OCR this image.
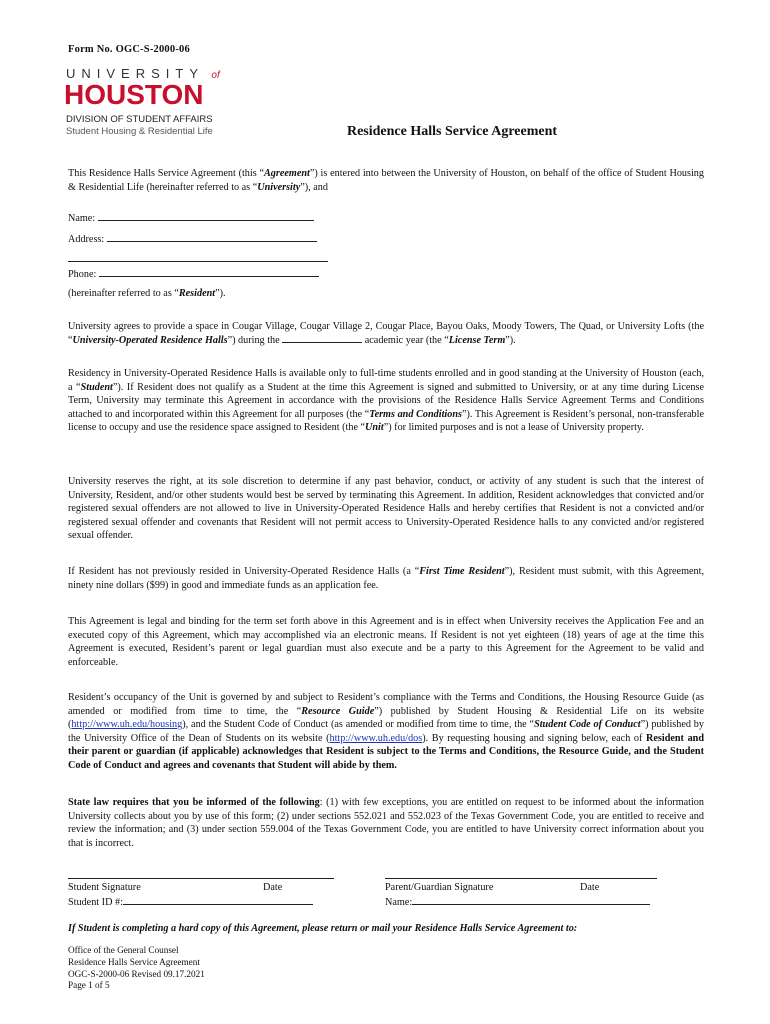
Form No. OGC-S-2000-06
UNIVERSITY of
HOUSTON
DIVISION OF STUDENT AFFAIRS
Student Housing & Residential Life	Residence Halls Service Agreement
This Residence Halls Service Agreement (this “Agreement”) is entered into between the University of Houston, on behalf of the office of Student Housing & Residential Life (hereinafter referred to as “University”), and
Name:
Address:
Phone:
(hereinafter referred to as “Resident”).
University agrees to provide a space in Cougar Village, Cougar Village 2, Cougar Place, Bayou Oaks, Moody Towers, The Quad, or University Lofts (the “University-Operated Residence Halls”) during the	academic year (the “License Term”).
Residency in University-Operated Residence Halls is available only to full-time students enrolled and in good standing at the University of Houston (each, a “Student”). If Resident does not qualify as a Student at the time this Agreement is signed and submitted to University, or at any time during License Term, University may terminate this Agreement in accordance with the provisions of the Residence Halls Service Agreement Terms and Conditions attached to and incorporated within this Agreement for all purposes (the “Terms and Conditions”). This Agreement is Resident’s personal, non-transferable license to occupy and use the residence space assigned to Resident (the “Unit”) for limited purposes and is not a lease of University property.
University reserves the right, at its sole discretion to determine if any past behavior, conduct, or activity of any student is such that the interest of University, Resident, and/or other students would best be served by terminating this Agreement. In addition, Resident acknowledges that convicted and/or registered sexual offenders are not allowed to live in University-Operated Residence Halls and hereby certifies that Resident is not a convicted and/or registered sexual offender and covenants that Resident will not permit access to University-Operated Residence halls to any convicted and/or registered sexual offender.
If Resident has not previously resided in University-Operated Residence Halls (a “First Time Resident”), Resident must submit, with this Agreement, ninety nine dollars ($99) in good and immediate funds as an application fee.
This Agreement is legal and binding for the term set forth above in this Agreement and is in effect when University receives the Application Fee and an executed copy of this Agreement, which may accomplished via an electronic means. If Resident is not yet eighteen (18) years of age at the time this Agreement is executed, Resident’s parent or legal guardian must also execute and be a party to this Agreement for the Agreement to be valid and enforceable.
Resident’s occupancy of the Unit is governed by and subject to Resident’s compliance with the Terms and Conditions, the Housing Resource Guide (as amended or modified from time to time, the “Resource Guide”) published by Student Housing & Residential Life on its website (http://www.uh.edu/housing), and the Student Code of Conduct (as amended or modified from time to time, the “Student Code of Conduct”) published by the University Office of the Dean of Students on its website (http://www.uh.edu/dos). By requesting housing and signing below, each of Resident and their parent or guardian (if applicable) acknowledges that Resident is subject to the Terms and Conditions, the Resource Guide, and the Student Code of Conduct and agrees and covenants that Student will abide by them.
State law requires that you be informed of the following: (1) with few exceptions, you are entitled on request to be informed about the information University collects about you by use of this form; (2) under sections 552.021 and 552.023 of the Texas Government Code, you are entitled to receive and review the information; and (3) under section 559.004 of the Texas Government Code, you are entitled to have University correct information about you that is incorrect.
Student Signature	Date
Student ID #:
Parent/Guardian Signature	Date
Name:
If Student is completing a hard copy of this Agreement, please return or mail your Residence Halls Service Agreement to:
Office of the General Counsel
Residence Halls Service Agreement
OGC-S-2000-06 Revised 09.17.2021
Page 1 of 5
